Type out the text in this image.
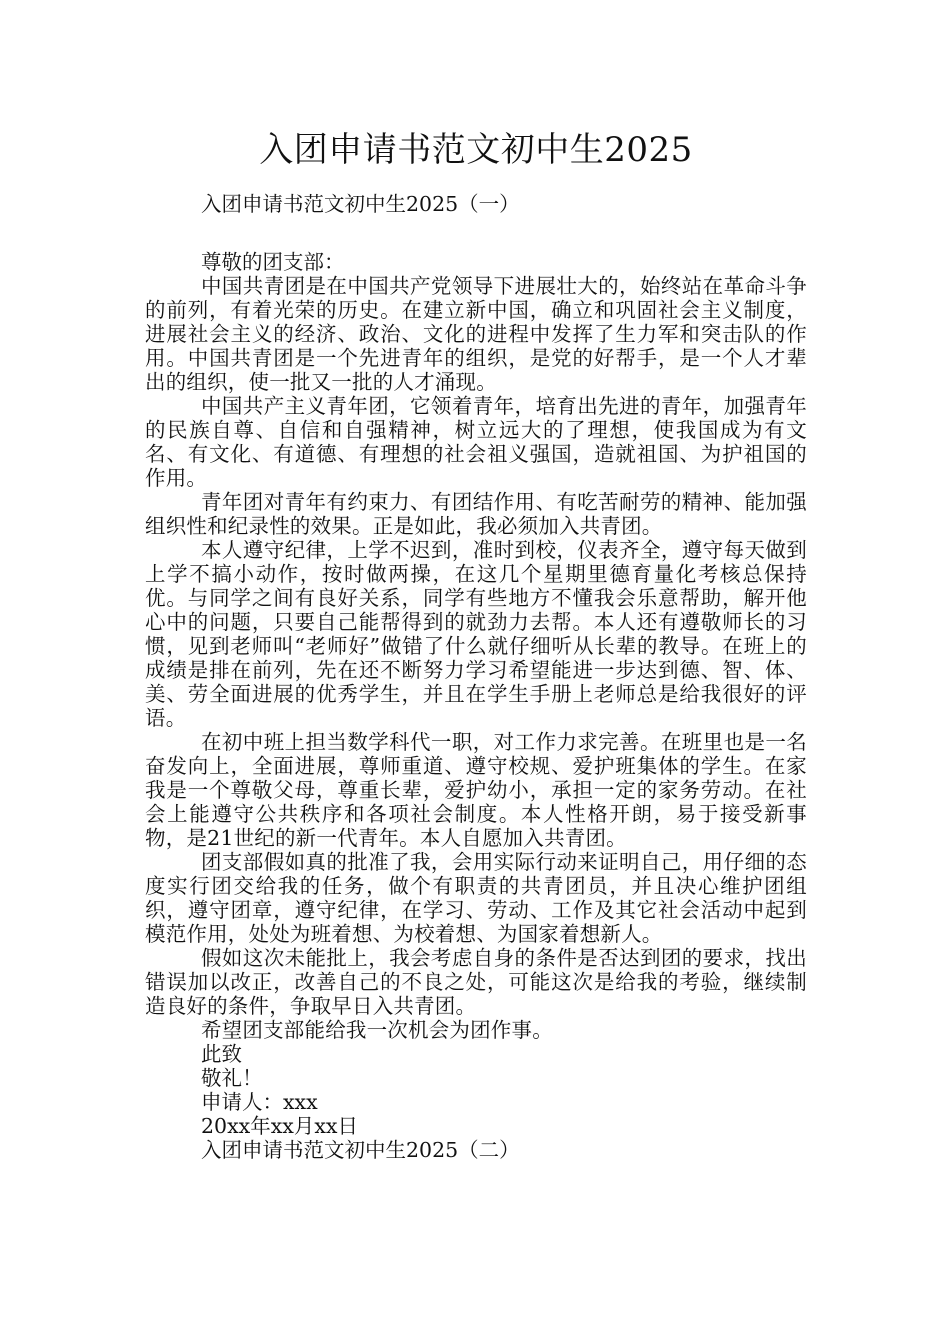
入团申请书范文初中生2025

入团申请书范文初中生2025（一）

尊敬的团支部：

中国共青团是在中国共产党领导下进展壮大的，始终站在革命斗争的前列，有着光荣的历史。在建立新中国，确立和巩固社会主义制度，进展社会主义的经济、政治、文化的进程中发挥了生力军和突击队的作用。中国共青团是一个先进青年的组织，是党的好帮手，是一个人才辈出的组织，使一批又一批的人才涌现。

中国共产主义青年团，它领着青年，培育出先进的青年，加强青年的民族自尊、自信和自强精神，树立远大的了理想，使我国成为有文名、有文化、有道德、有理想的社会祖义强国，造就祖国、为护祖国的作用。

青年团对青年有约束力、有团结作用、有吃苦耐劳的精神、能加强组织性和纪录性的效果。正是如此，我必须加入共青团。

本人遵守纪律，上学不迟到，准时到校，仪表齐全，遵守每天做到上学不搞小动作，按时做两操，在这几个星期里德育量化考核总保持优。与同学之间有良好关系，同学有些地方不懂我会乐意帮助，解开他心中的问题，只要自己能帮得到的就劲力去帮。本人还有遵敬师长的习惯，见到老师叫“老师好”做错了什么就仔细听从长辈的教导。在班上的成绩是排在前列，先在还不断努力学习希望能进一步达到德、智、体、美、劳全面进展的优秀学生，并且在学生手册上老师总是给我很好的评语。

在初中班上担当数学科代一职，对工作力求完善。在班里也是一名奋发向上，全面进展，尊师重道、遵守校规、爱护班集体的学生。在家我是一个尊敬父母，尊重长辈，爱护幼小，承担一定的家务劳动。在社会上能遵守公共秩序和各项社会制度。本人性格开朗，易于接受新事物，是21世纪的新一代青年。本人自愿加入共青团。

团支部假如真的批准了我，会用实际行动来证明自己，用仔细的态度实行团交给我的任务，做个有职责的共青团员，并且决心维护团组织，遵守团章，遵守纪律，在学习、劳动、工作及其它社会活动中起到模范作用，处处为班着想、为校着想、为国家着想新人。

假如这次未能批上，我会考虑自身的条件是否达到团的要求，找出错误加以改正，改善自己的不良之处，可能这次是给我的考验，继续制造良好的条件，争取早日入共青团。

希望团支部能给我一次机会为团作事。

此致

敬礼！

申请人：xxx

20xx年xx月xx日

入团申请书范文初中生2025（二）
